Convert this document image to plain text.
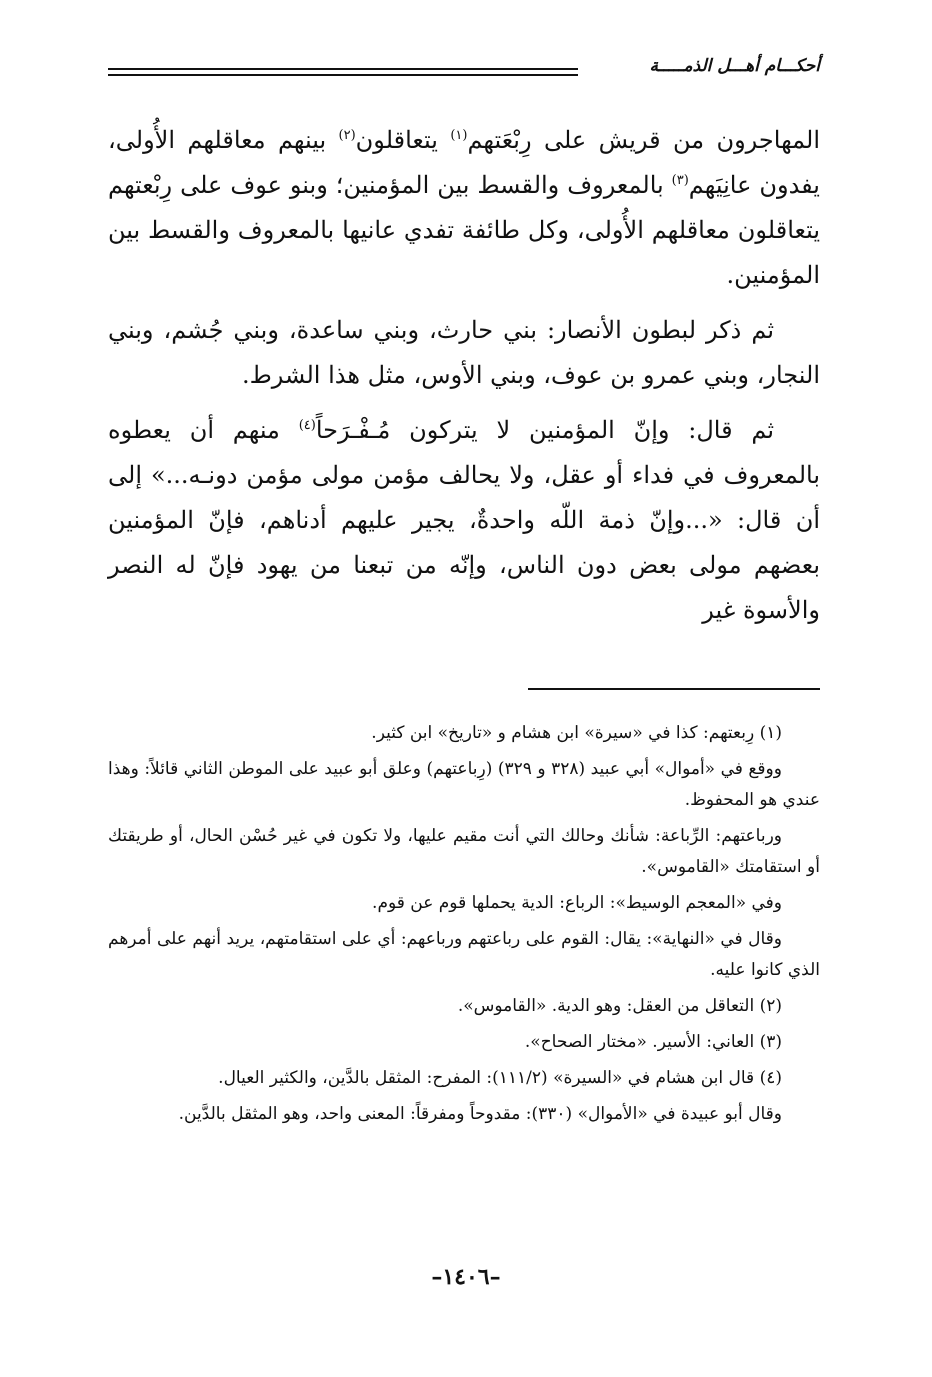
أحكـــام أهـــل الذمـــــة

المهاجرون من قريش على رِبْعَتهم$^{(١)}$ يتعاقلون$^{(٢)}$ بينهم معاقلهم الأُولى، يفدون عانِيَهم$^{(٣)}$ بالمعروف والقسط بين المؤمنين؛ وبنو عوف على رِبْعتهم يتعاقلون معاقلهم الأُولى، وكل طائفة تفدي عانيها بالمعروف والقسط بين المؤمنين.

ثم ذكر لبطون الأنصار: بني حارث، وبني ساعدة، وبني جُشم، وبني النجار، وبني عمرو بن عوف، وبني الأوس، مثل هذا الشرط.

ثم قال: وإنّ المؤمنين لا يتركون مُـفْـرَحاً$^{(٤)}$ منهم أن يعطوه بالمعروف في فداء أو عقل، ولا يحالف مؤمن مولى مؤمن دونـه...» إلى أن قال: «...وإنّ ذمة اللّه واحدةٌ، يجير عليهم أدناهم، فإنّ المؤمنين بعضهم مولى بعض دون الناس، وإنّه من تبعنا من يهود فإنّ له النصر والأسوة غير

(١) رِبعتهم: كذا في «سيرة» ابن هشام و «تاريخ» ابن كثير.

ووقع في «أموال» أبي عبيد (٣٢٨ و ٣٢٩) (رِباعتهم) وعلق أبو عبيد على الموطن الثاني قائلاً: وهذا عندي هو المحفوظ.

ورباعتهم: الرِّباعة: شأنك وحالك التي أنت مقيم عليها، ولا تكون في غير حُسْن الحال، أو طريقتك أو استقامتك «القاموس».

وفي «المعجم الوسيط»: الرباع: الدية يحملها قوم عن قوم.

وقال في «النهاية»: يقال: القوم على رباعتهم ورباعهم: أي على استقامتهم، يريد أنهم على أمرهم الذي كانوا عليه.

(٢) التعاقل من العقل: وهو الدية. «القاموس».

(٣) العاني: الأسير. «مختار الصحاح».

(٤) قال ابن هشام في «السيرة» (١١١/٢): المفرح: المثقل بالدَّين، والكثير العيال.

وقال أبو عبيدة في «الأموال» (٣٣٠): مقدوحاً ومفرقاً: المعنى واحد، وهو المثقل بالدَّين.

–١٤٠٦–
